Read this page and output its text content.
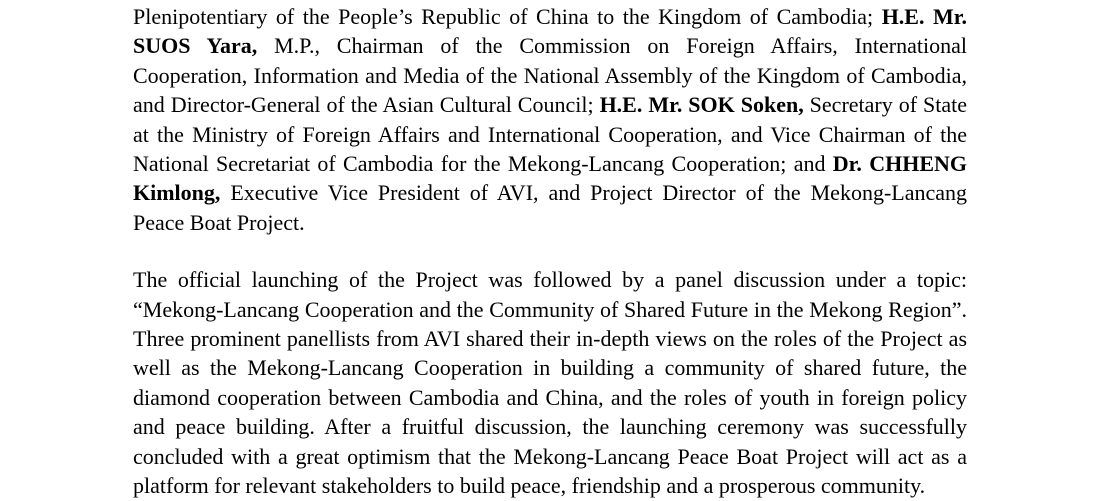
Plenipotentiary of the People’s Republic of China to the Kingdom of Cambodia; H.E. Mr.
SUOS Yara, M.P., Chairman of the Commission on Foreign Affairs, International
Cooperation, Information and Media of the National Assembly of the Kingdom of Cambodia,
and Director-General of the Asian Cultural Council; H.E. Mr. SOK Soken, Secretary of State
at the Ministry of Foreign Affairs and International Cooperation, and Vice Chairman of the
National Secretariat of Cambodia for the Mekong-Lancang Cooperation; and Dr. CHHENG
Kimlong, Executive Vice President of AVI, and Project Director of the Mekong-Lancang
Peace Boat Project.
The official launching of the Project was followed by a panel discussion under a topic:
“Mekong-Lancang Cooperation and the Community of Shared Future in the Mekong Region”.
Three prominent panellists from AVI shared their in-depth views on the roles of the Project as
well as the Mekong-Lancang Cooperation in building a community of shared future, the
diamond cooperation between Cambodia and China, and the roles of youth in foreign policy
and peace building. After a fruitful discussion, the launching ceremony was successfully
concluded with a great optimism that the Mekong-Lancang Peace Boat Project will act as a
platform for relevant stakeholders to build peace, friendship and a prosperous community.
